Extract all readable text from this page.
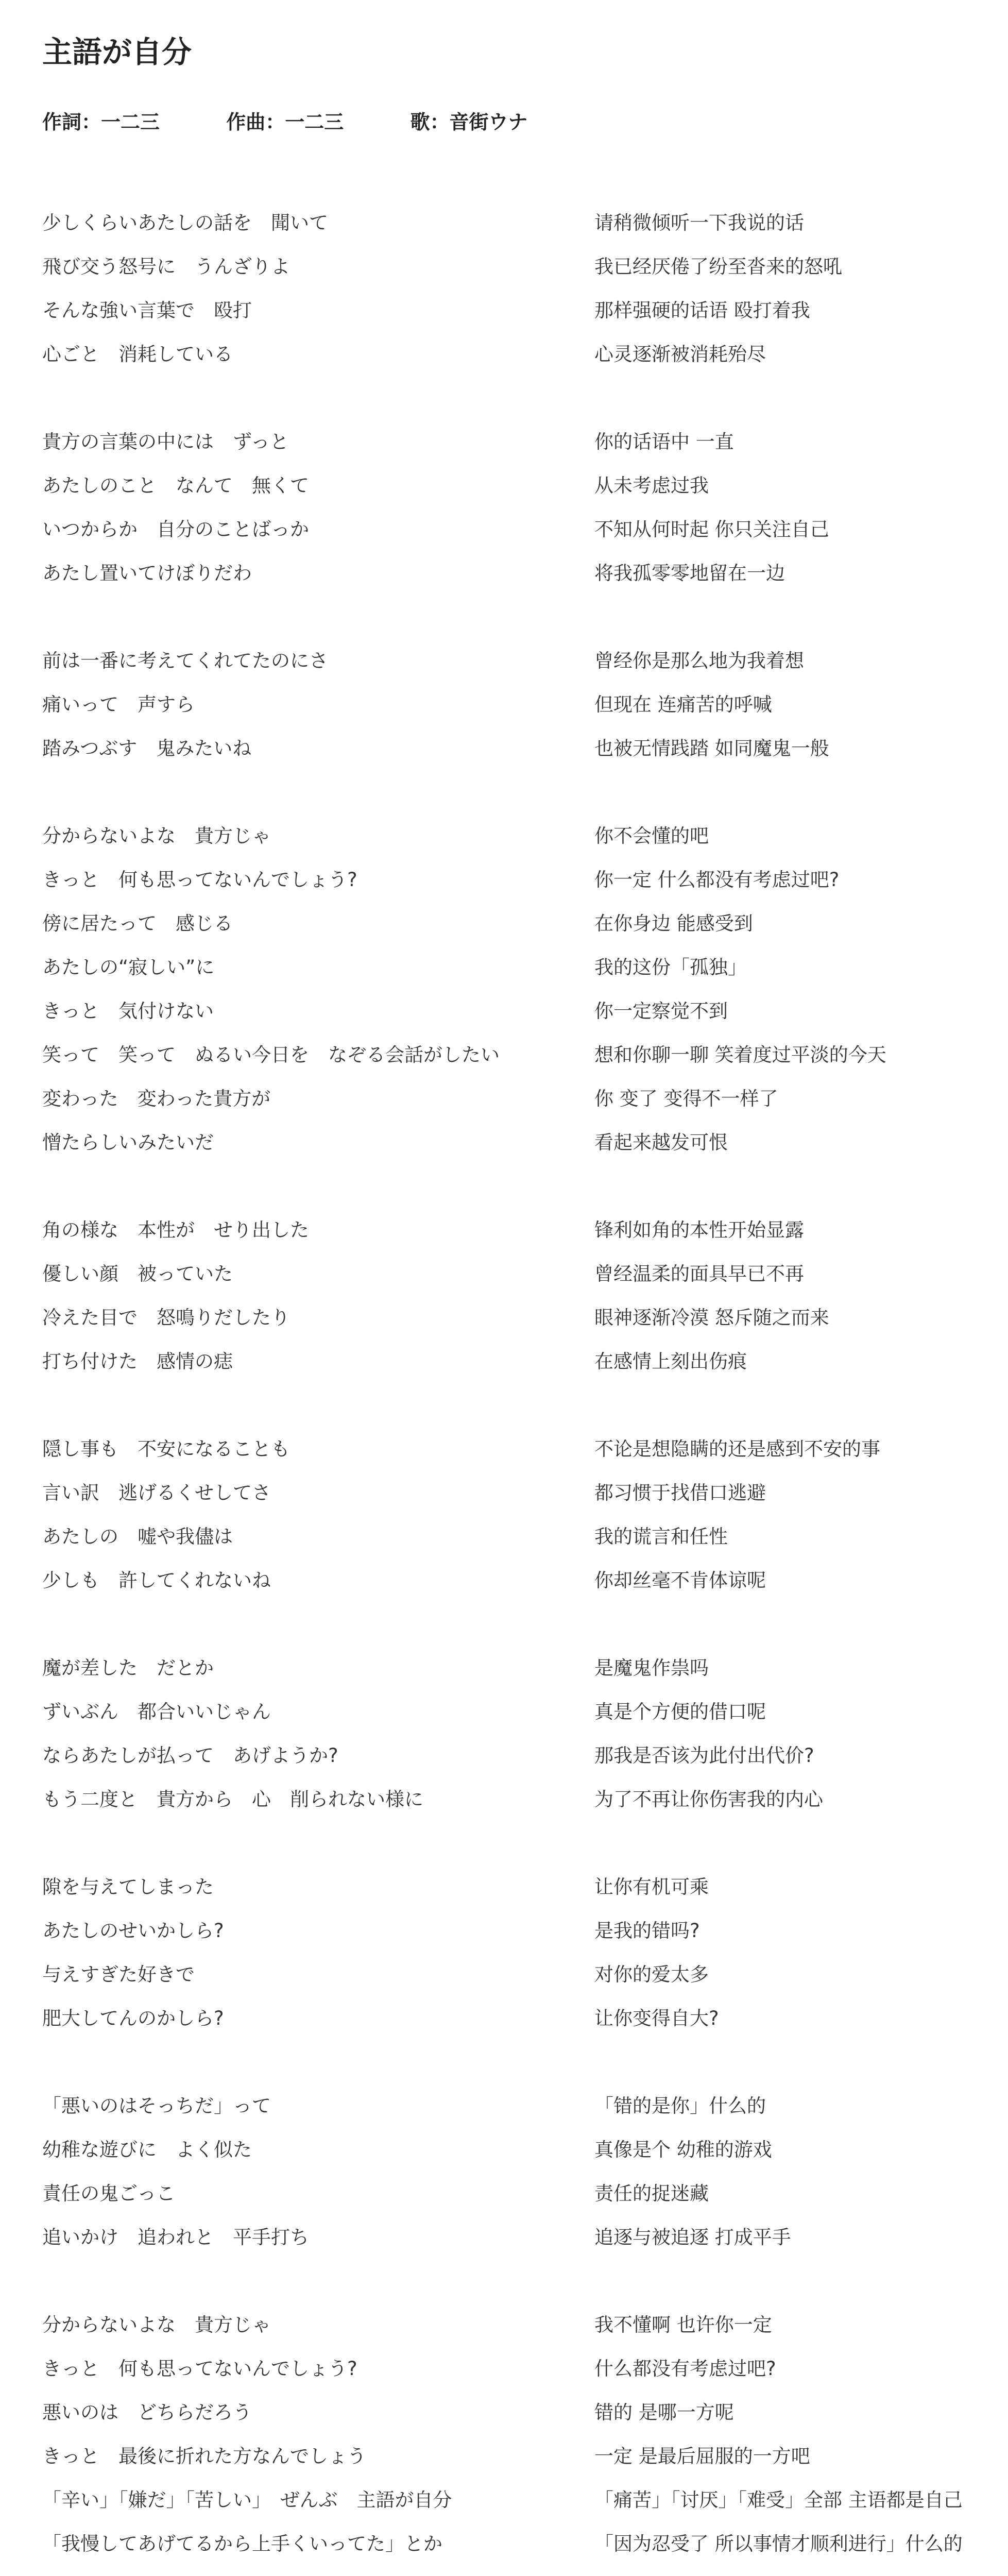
主語が自分
作詞：一二三	作曲：一二三	歌：音街ウナ
少しくらいあたしの話を　聞いて	请稍微倾听一下我说的话
飛び交う怒号に　うんざりよ	我已经厌倦了纷至沓来的怒吼
そんな強い言葉で　殴打	那样强硬的话语 殴打着我
心ごと　消耗している	心灵逐渐被消耗殆尽
貴方の言葉の中には　ずっと	你的话语中 一直
あたしのこと　なんて　無くて	从未考虑过我
いつからか　自分のことばっか	不知从何时起 你只关注自己
あたし置いてけぼりだわ	将我孤零零地留在一边
前は一番に考えてくれてたのにさ	曾经你是那么地为我着想
痛いって　声すら	但现在 连痛苦的呼喊
踏みつぶす　鬼みたいね	也被无情践踏 如同魔鬼一般
分からないよな　貴方じゃ	你不会懂的吧
きっと　何も思ってないんでしょう?	你一定 什么都没有考虑过吧?
傍に居たって　感じる	在你身边 能感受到
あたしの“寂しい”に	我的这份「孤独」
きっと　気付けない	你一定察觉不到
笑って　笑って　ぬるい今日を　なぞる会話がしたい	想和你聊一聊 笑着度过平淡的今天
変わった　変わった貴方が	你 变了 变得不一样了
憎たらしいみたいだ	看起来越发可恨
角の様な　本性が　せり出した	锋利如角的本性开始显露
優しい顔　被っていた	曾经温柔的面具早已不再
冷えた目で　怒鳴りだしたり	眼神逐渐冷漠 怒斥随之而来
打ち付けた　感情の痣	在感情上刻出伤痕
隠し事も　不安になることも	不论是想隐瞒的还是感到不安的事
言い訳　逃げるくせしてさ	都习惯于找借口逃避
あたしの　嘘や我儘は	我的谎言和任性
少しも　許してくれないね	你却丝毫不肯体谅呢
魔が差した　だとか	是魔鬼作祟吗
ずいぶん　都合いいじゃん	真是个方便的借口呢
ならあたしが払って　あげようか?	那我是否该为此付出代价?
もう二度と　貴方から　心　削られない様に	为了不再让你伤害我的内心
隙を与えてしまった	让你有机可乘
あたしのせいかしら?	是我的错吗?
与えすぎた好きで	对你的爱太多
肥大してんのかしら?	让你变得自大?
「悪いのはそっちだ」って	「错的是你」什么的
幼稚な遊びに　よく似た	真像是个 幼稚的游戏
責任の鬼ごっこ	责任的捉迷藏
追いかけ　追われと　平手打ち	追逐与被追逐 打成平手
分からないよな　貴方じゃ	我不懂啊 也许你一定
きっと　何も思ってないんでしょう?	什么都没有考虑过吧?
悪いのは　どちらだろう	错的 是哪一方呢
きっと　最後に折れた方なんでしょう	一定 是最后屈服的一方吧
「辛い」「嫌だ」「苦しい」　ぜんぶ　主語が自分	「痛苦」「讨厌」「难受」全部 主语都是自己
「我慢してあげてるから上手くいってた」とか	「因为忍受了 所以事情才顺利进行」什么的
